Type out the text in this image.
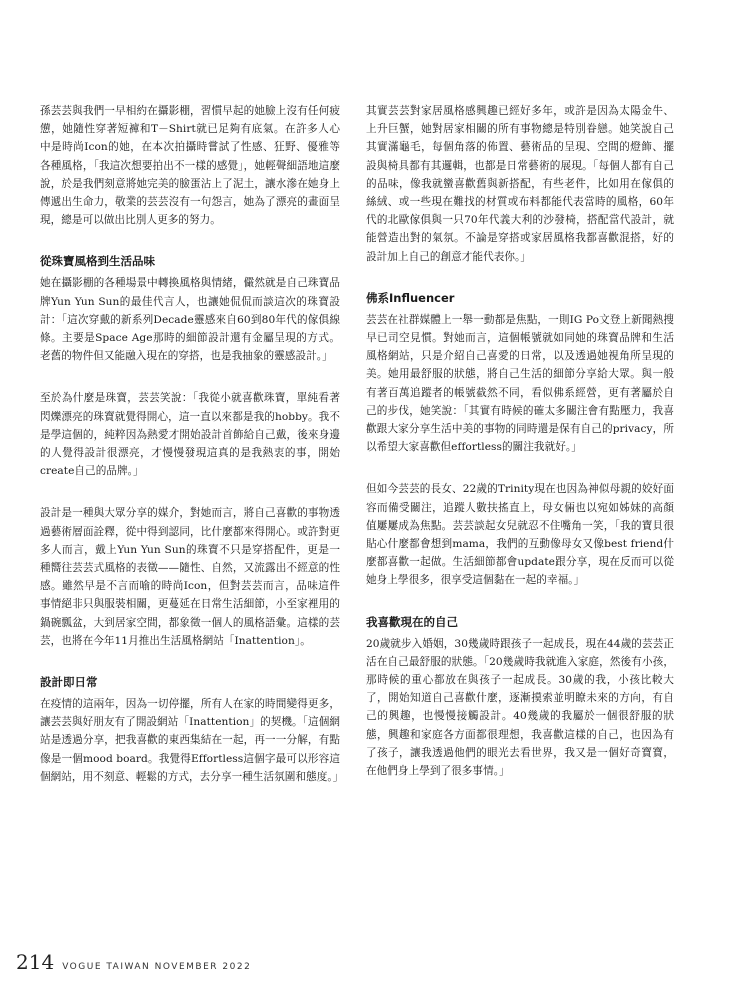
孫芸芸與我們一早相約在攝影棚，習慣早起的她臉上沒有任何疲憊，她隨性穿著短褲和T－Shirt就已足夠有底氣。在許多人心中是時尚Icon的她，在本次拍攝時嘗試了性感、狂野、優雅等各種風格，「我這次想要拍出不一樣的感覺」，她輕聲細語地這麼說，於是我們刻意將她完美的臉蛋沾上了泥土，讓水滲在她身上傳遞出生命力，敬業的芸芸沒有一句怨言，她為了漂亮的畫面呈現，總是可以做出比別人更多的努力。

從珠寶風格到生活品味

她在攝影棚的各種場景中轉換風格與情緒，儼然就是自己珠寶品牌Yun Yun Sun的最佳代言人，也讓她侃侃而談這次的珠寶設計：「這次穿戴的新系列Decade靈感來自60到80年代的傢俱線條。主要是Space Age那時的細節設計還有金屬呈現的方式。老舊的物件但又能融入現在的穿搭，也是我抽象的靈感設計。」

至於為什麼是珠寶，芸芸笑說：「我從小就喜歡珠寶，單純看著閃爍漂亮的珠寶就覺得開心，這一直以來都是我的hobby。我不是學這個的，純粹因為熱愛才開始設計首飾給自己戴，後來身邊的人覺得設計很漂亮，才慢慢發現這真的是我熱衷的事，開始create自己的品牌。」

設計是一種與大眾分享的媒介，對她而言，將自己喜歡的事物透過藝術層面詮釋，從中得到認同，比什麼都來得開心。或許對更多人而言，戴上Yun Yun Sun的珠寶不只是穿搭配件，更是一種嚮往芸芸式風格的表徵——隨性、自然，又流露出不經意的性感。雖然早是不言而喻的時尚Icon，但對芸芸而言，品味這件事情絕非只與服裝相關，更蔓延在日常生活細節，小至家裡用的鍋碗瓢盆，大到居家空間，都象徵一個人的風格語彙。這樣的芸芸，也將在今年11月推出生活風格網站「Inattention」。

設計即日常

在疫情的這兩年，因為一切停擺，所有人在家的時間變得更多，讓芸芸與好朋友有了開設網站「Inattention」的契機。「這個網站是透過分享，把我喜歡的東西集結在一起，再一一分解，有點像是一個mood board。我覺得Effortless這個字最可以形容這個網站，用不刻意、輕鬆的方式，去分享一種生活氛圍和態度。」

其實芸芸對家居風格感興趣已經好多年，或許是因為太陽金牛、上升巨蟹，她對居家相關的所有事物總是特別眷戀。她笑說自己其實滿龜毛，每個角落的佈置、藝術品的呈現、空間的燈飾、擺設與椅具都有其邏輯，也都是日常藝術的展現。「每個人都有自己的品味，像我就蠻喜歡舊與新搭配，有些老件，比如用在傢俱的絲絨、或一些現在難找的材質或布料都能代表當時的風格，60年代的北歐傢俱與一只70年代義大利的沙發椅，搭配當代設計，就能營造出對的氣氛。不論是穿搭或家居風格我都喜歡混搭，好的設計加上自己的創意才能代表你。」

佛系Influencer

芸芸在社群媒體上一舉一動都是焦點，一則IG Po文登上新聞熱搜早已司空見慣。對她而言，這個帳號就如同她的珠寶品牌和生活風格網站，只是介紹自己喜愛的日常，以及透過她視角所呈現的美。她用最舒服的狀態，將自己生活的細節分享給大眾。與一般有著百萬追蹤者的帳號截然不同，看似佛系經營，更有著屬於自己的步伐，她笑說：「其實有時候的確太多關注會有點壓力，我喜歡跟大家分享生活中美的事物的同時還是保有自己的privacy，所以希望大家喜歡但effortless的關注我就好。」

但如今芸芸的長女、22歲的Trinity現在也因為神似母親的姣好面容而備受關注，追蹤人數扶搖直上，母女倆也以宛如姊妹的高顏值屢屢成為焦點。芸芸談起女兒就忍不住嘴角一笑，「我的寶貝很貼心什麼都會想到mama，我們的互動像母女又像best friend什麼都喜歡一起做。生活細節都會update跟分享，現在反而可以從她身上學很多，很享受這個黏在一起的幸福。」

我喜歡現在的自己

20歲就步入婚姻，30幾歲時跟孩子一起成長，現在44歲的芸芸正活在自己最舒服的狀態。「20幾歲時我就進入家庭，然後有小孩，那時候的重心都放在與孩子一起成長。30歲的我，小孩比較大了，開始知道自己喜歡什麼，逐漸摸索並明瞭未來的方向，有自己的興趣，也慢慢接觸設計。40幾歲的我屬於一個很舒服的狀態，興趣和家庭各方面都很理想，我喜歡這樣的自己，也因為有了孩子，讓我透過他們的眼光去看世界，我又是一個好奇寶寶，在他們身上學到了很多事情。」

214 VOGUE TAIWAN NOVEMBER 2022
